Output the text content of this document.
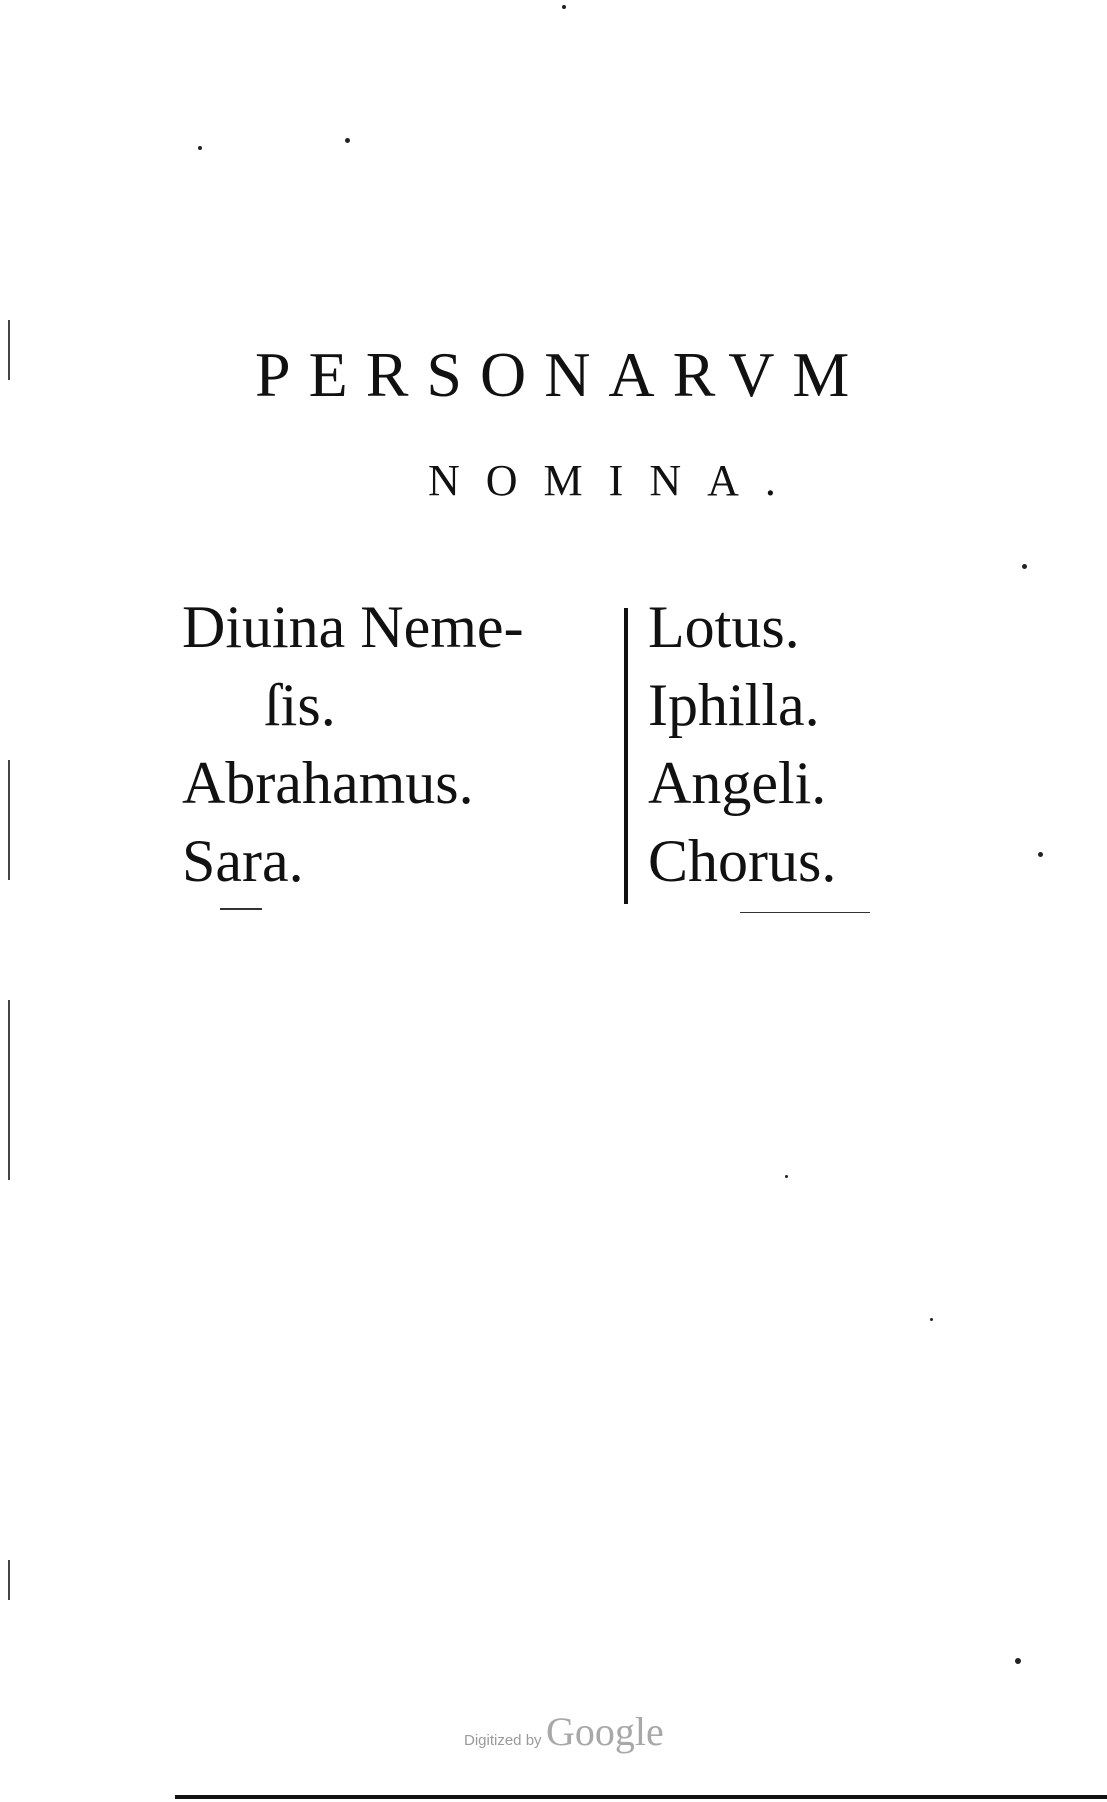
PERSONARVM
NOMINA.
Diuina Neme-
ſis.
Abrahamus.
Sara.
Lotus.
Iphilla.
Angeli.
Chorus.
Digitized by Google
